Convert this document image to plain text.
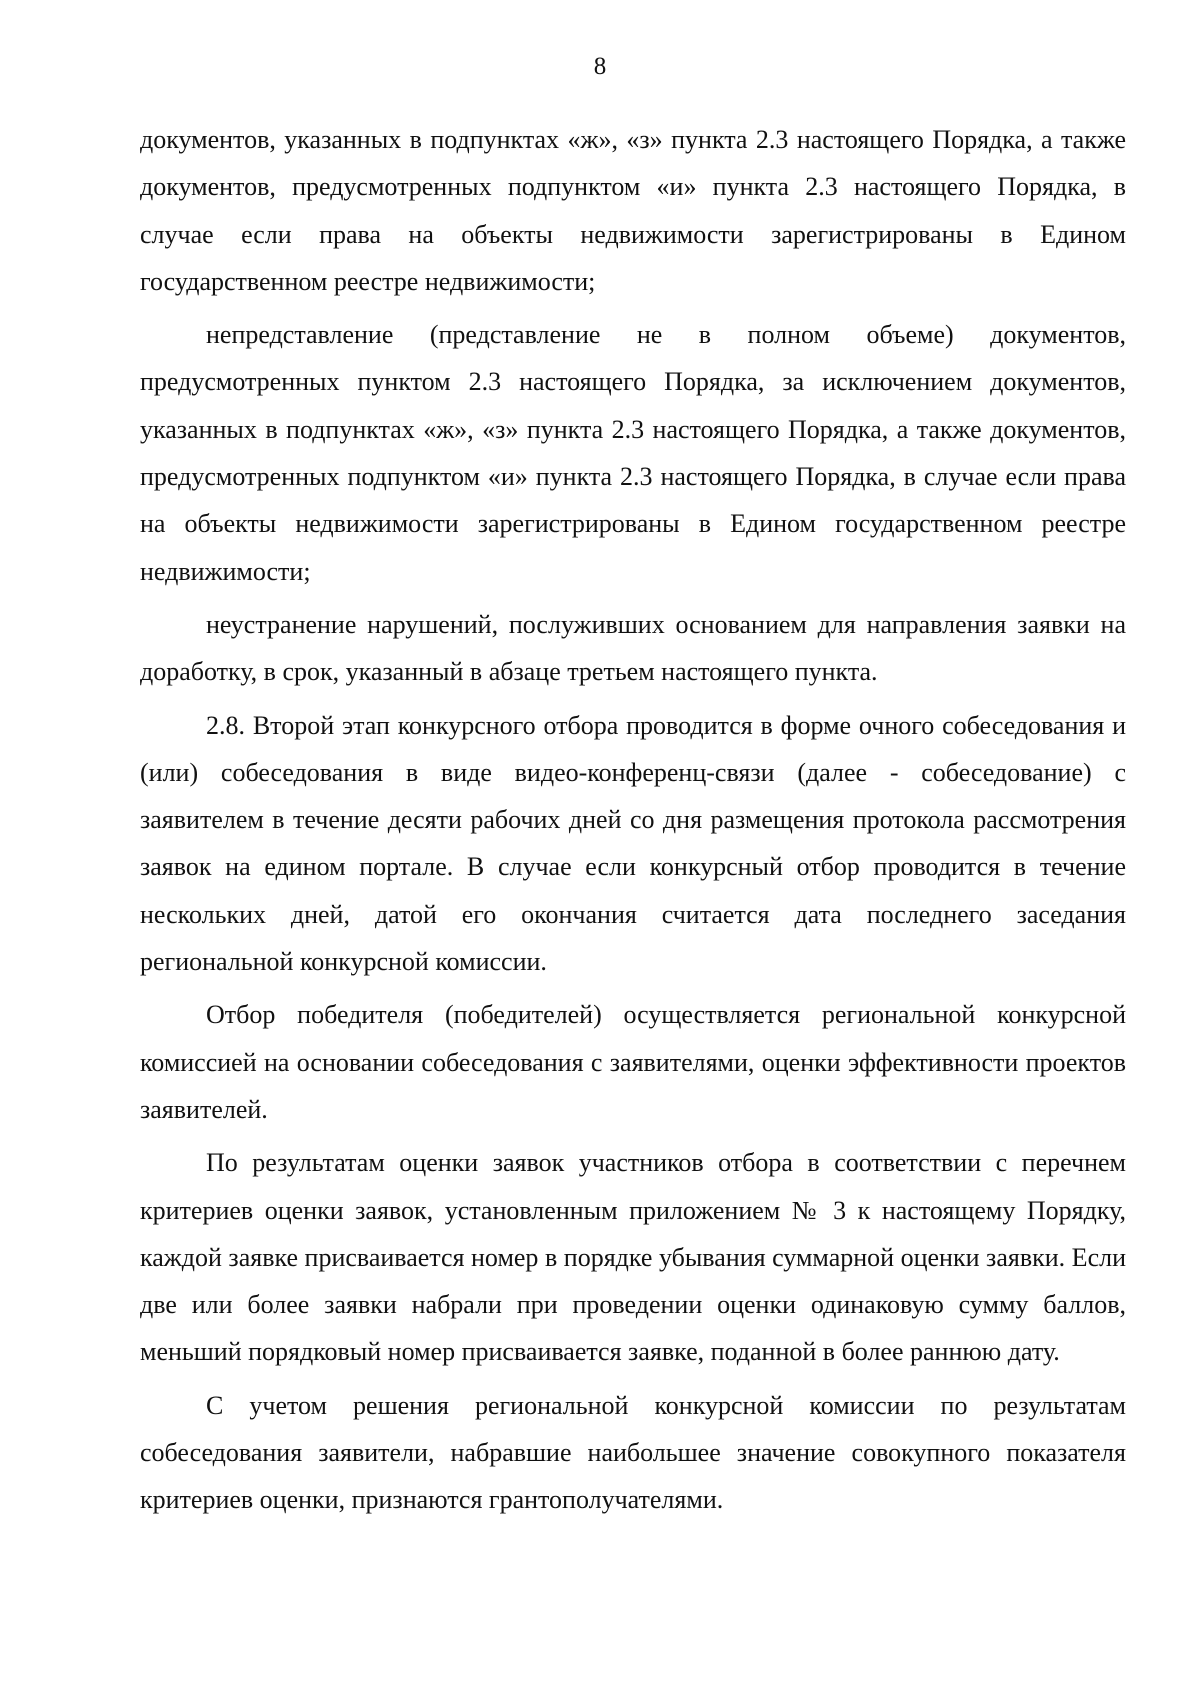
8

документов, указанных в подпунктах «ж», «з» пункта 2.3 настоящего Порядка, а также документов, предусмотренных подпунктом «и» пункта 2.3 настоящего Порядка, в случае если права на объекты недвижимости зарегистрированы в Едином государственном реестре недвижимости;

непредставление (представление не в полном объеме) документов, предусмотренных пунктом 2.3 настоящего Порядка, за исключением документов, указанных в подпунктах «ж», «з» пункта 2.3 настоящего Порядка, а также документов, предусмотренных подпунктом «и» пункта 2.3 настоящего Порядка, в случае если права на объекты недвижимости зарегистрированы в Едином государственном реестре недвижимости;

неустранение нарушений, послуживших основанием для направления заявки на доработку, в срок, указанный в абзаце третьем настоящего пункта.

2.8. Второй этап конкурсного отбора проводится в форме очного собеседования и (или) собеседования в виде видео-конференц-связи (далее - собеседование) с заявителем в течение десяти рабочих дней со дня размещения протокола рассмотрения заявок на едином портале. В случае если конкурсный отбор проводится в течение нескольких дней, датой его окончания считается дата последнего заседания региональной конкурсной комиссии.

Отбор победителя (победителей) осуществляется региональной конкурсной комиссией на основании собеседования с заявителями, оценки эффективности проектов заявителей.

По результатам оценки заявок участников отбора в соответствии с перечнем критериев оценки заявок, установленным приложением № 3 к настоящему Порядку, каждой заявке присваивается номер в порядке убывания суммарной оценки заявки. Если две или более заявки набрали при проведении оценки одинаковую сумму баллов, меньший порядковый номер присваивается заявке, поданной в более раннюю дату.

С учетом решения региональной конкурсной комиссии по результатам собеседования заявители, набравшие наибольшее значение совокупного показателя критериев оценки, признаются грантополучателями.
